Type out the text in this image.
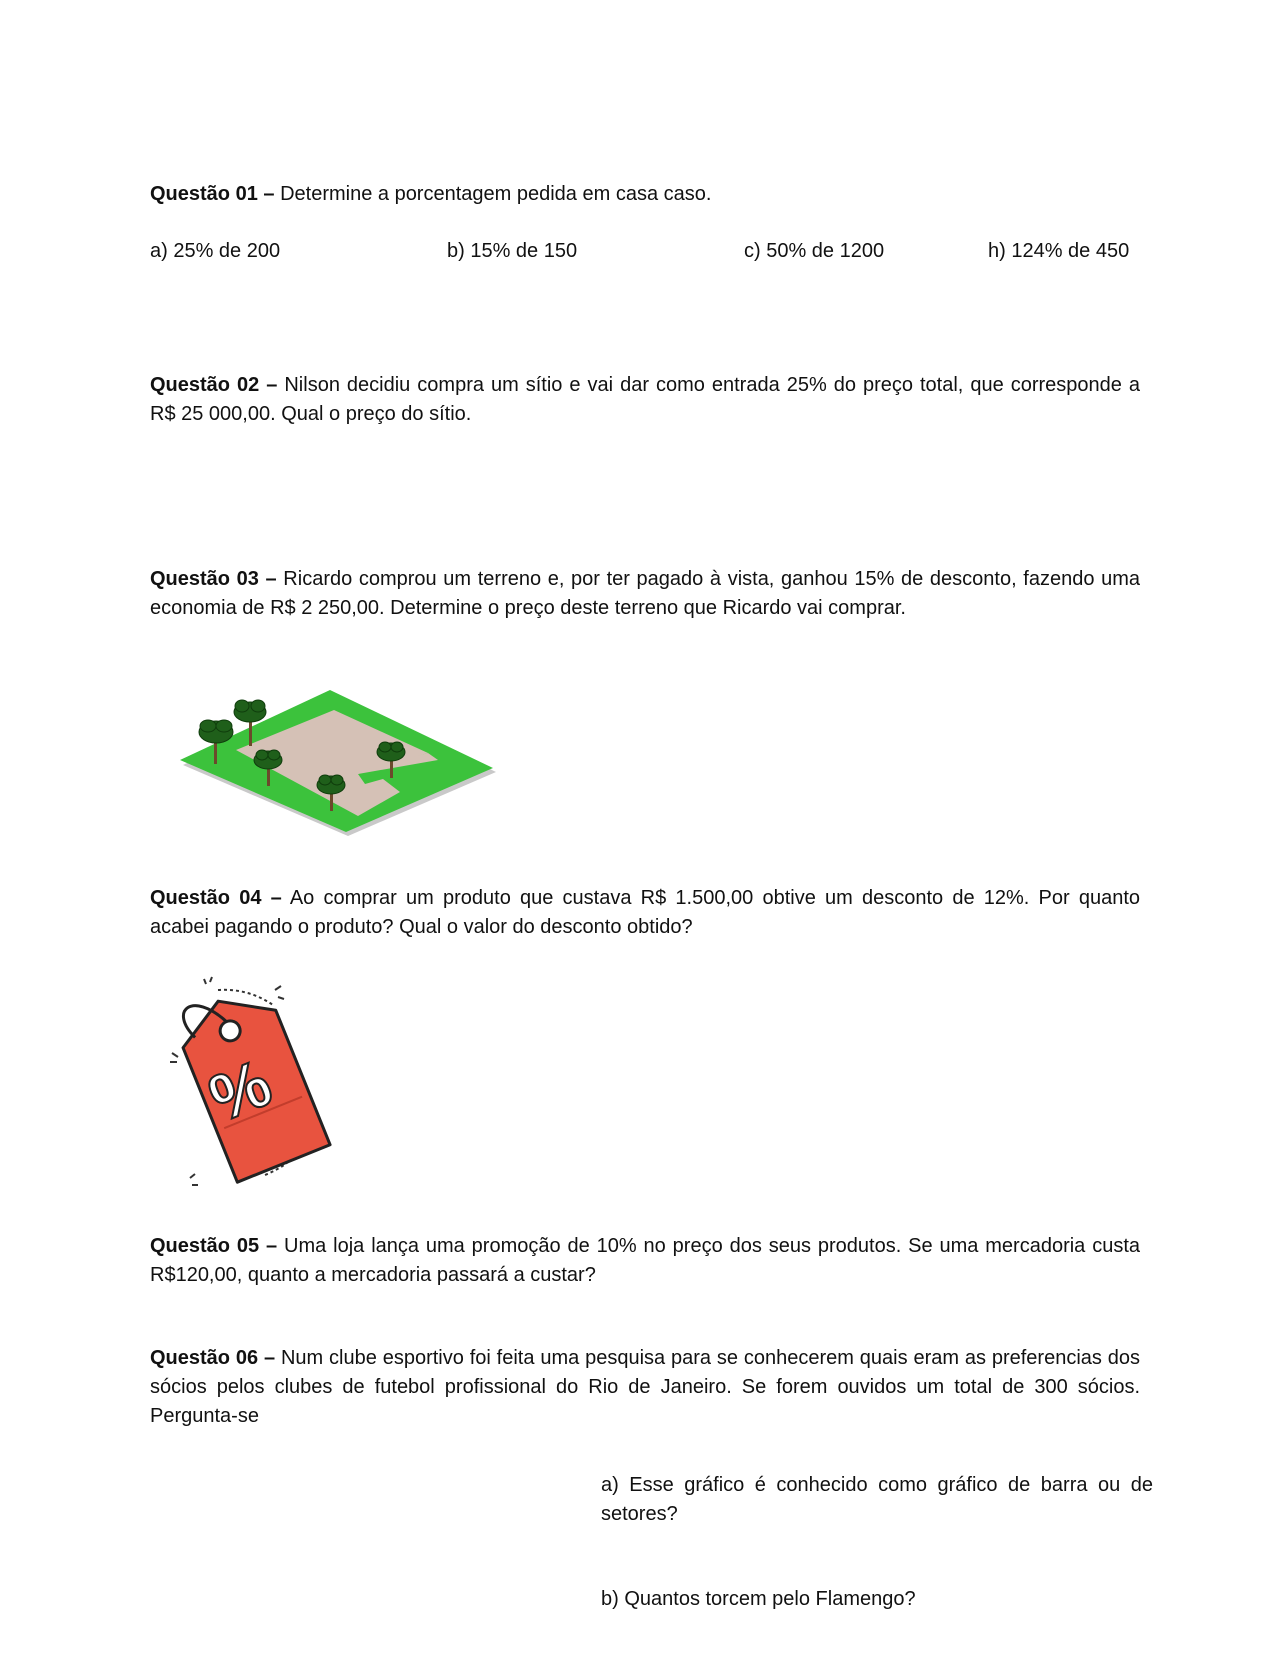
Questão 01 – Determine a porcentagem pedida em casa caso.
a) 25% de 200	b) 15% de 150	c) 50% de 1200	h) 124% de 450
Questão 02 – Nilson decidiu compra um sítio e vai dar como entrada 25% do preço total, que corresponde a R$ 25 000,00. Qual o preço do sítio.
Questão 03 – Ricardo comprou um terreno e, por ter pagado à vista, ganhou 15% de desconto, fazendo uma economia de R$ 2 250,00. Determine o preço deste terreno que Ricardo vai comprar.
Questão 04 – Ao comprar um produto que custava R$ 1.500,00 obtive um desconto de 12%. Por quanto acabei pagando o produto? Qual o valor do desconto obtido?
%
Questão 05 – Uma loja lança uma promoção de 10% no preço dos seus produtos. Se uma mercadoria custa R$120,00, quanto a mercadoria passará a custar?
Questão 06 – Num clube esportivo foi feita uma pesquisa para se conhecerem quais eram as preferencias dos sócios pelos clubes de futebol profissional do Rio de Janeiro. Se forem ouvidos um total de 300 sócios. Pergunta-se
a) Esse gráfico é conhecido como gráfico de barra ou de setores?
b) Quantos torcem pelo Flamengo?
